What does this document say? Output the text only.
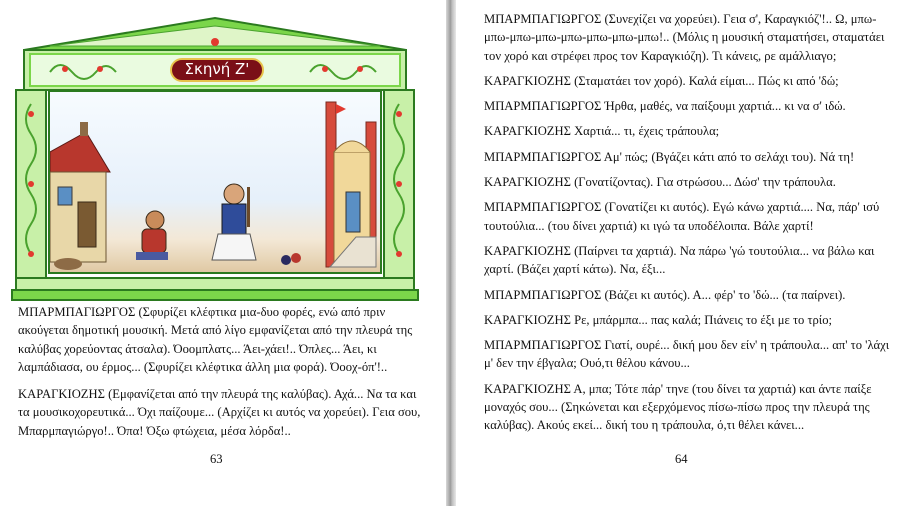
Σκηνή Ζ'

ΜΠΑΡΜΠΑΓΙΩΡΓΟΣ (Σφυρίζει κλέφτικα μια-δυο φορές, ενώ από πριν ακούγεται δημοτική μουσική. Μετά από λίγο εμφανίζεται από την πλευρά της καλύβας χορεύοντας άτσαλα). Όοομπλατς... Άει-χάει!.. Όπλες... Άει, κι λαμπάδιασα, ου έρμος... (Σφυρίζει κλέφτικα άλλη μια φορά). Όοοχ-όπ'!..

ΚΑΡΑΓΚΙΟΖΗΣ (Εμφανίζεται από την πλευρά της καλύβας). Αχά... Να τα και τα μουσικοχορευτικά... Όχι παίζουμε... (Αρχίζει κι αυτός να χορεύει). Γεια σου, Μπαρμπαγιώργο!.. Όπα! Όξω φτώχεια, μέσα λόρδα!..

63

ΜΠΑΡΜΠΑΓΙΩΡΓΟΣ (Συνεχίζει να χορεύει). Γεια σ', Καραγκιόζ'!.. Ω, μπω-μπω-μπω-μπω-μπω-μπω-μπω-μπω!.. (Μόλις η μουσική σταματήσει, σταματάει τον χορό και στρέφει προς τον Καραγκιόζη). Τι κάνεις, ρε αμάλλιαγο;

ΚΑΡΑΓΚΙΟΖΗΣ (Σταματάει τον χορό). Καλά είμαι... Πώς κι από 'δώ;

ΜΠΑΡΜΠΑΓΙΩΡΓΟΣ Ήρθα, μαθές, να παίξουμι χαρτιά... κι να σ' ιδώ.

ΚΑΡΑΓΚΙΟΖΗΣ Χαρτιά... τι, έχεις τράπουλα;

ΜΠΑΡΜΠΑΓΙΩΡΓΟΣ Αμ' πώς; (Βγάζει κάτι από το σελάχι του). Νά τη!

ΚΑΡΑΓΚΙΟΖΗΣ (Γονατίζοντας). Για στρώσου... Δώσ' την τράπουλα.

ΜΠΑΡΜΠΑΓΙΩΡΓΟΣ (Γονατίζει κι αυτός). Εγώ κάνω χαρτιά.... Να, πάρ' ισύ τουτούλια... (του δίνει χαρτιά) κι ιγώ τα υποδέλοιπα. Βάλε χαρτί!

ΚΑΡΑΓΚΙΟΖΗΣ (Παίρνει τα χαρτιά). Να πάρω 'γώ τουτούλια... να βάλω και χαρτί. (Βάζει χαρτί κάτω). Να, έξι...

ΜΠΑΡΜΠΑΓΙΩΡΓΟΣ (Βάζει κι αυτός). Α... φέρ' το 'δώ... (τα παίρνει).

ΚΑΡΑΓΚΙΟΖΗΣ Ρε, μπάρμπα... πας καλά; Πιάνεις το έξι με το τρίο;

ΜΠΑΡΜΠΑΓΙΩΡΓΟΣ Γιατί, ουρέ... δική μου δεν είν' η τράπουλα... απ' το 'λάχι μ' δεν την έβγαλα; Ουό,τι θέλου κάνου...

ΚΑΡΑΓΚΙΟΖΗΣ Α, μπα; Τότε πάρ' τηνε (του δίνει τα χαρτιά) και άντε παίξε μοναχός σου... (Σηκώνεται και εξερχόμενος πίσω-πίσω προς την πλευρά της καλύβας). Ακούς εκεί... δική του η τράπουλα, ό,τι θέλει κάνει...

64
